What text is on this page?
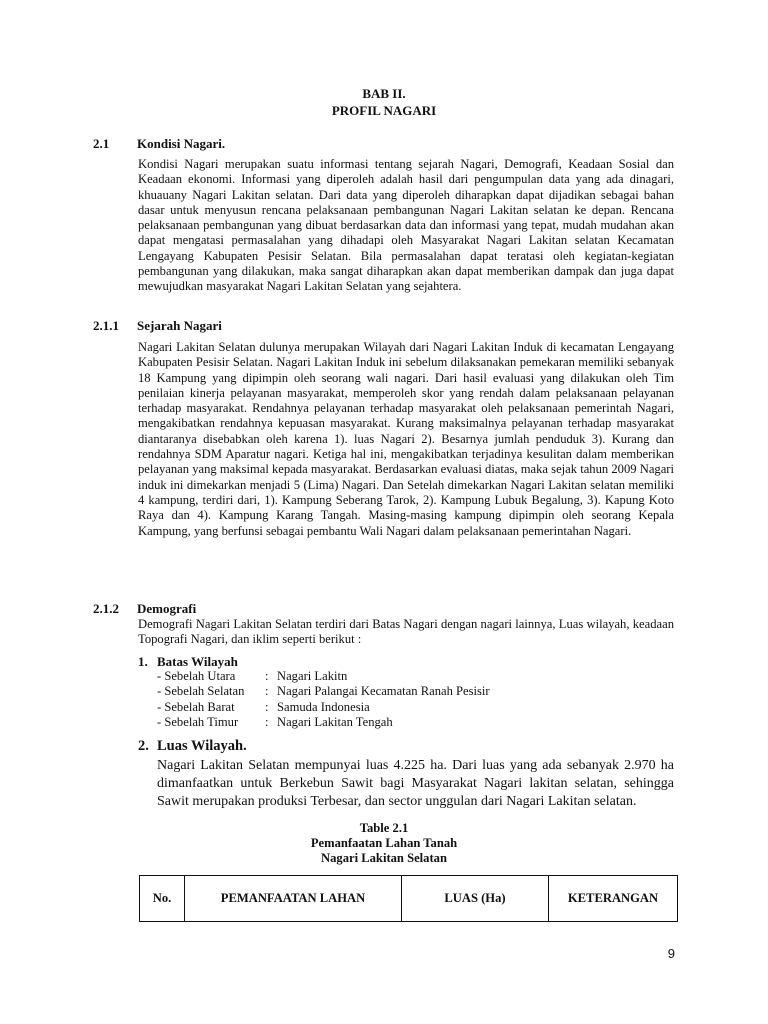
BAB II.
PROFIL NAGARI
2.1 Kondisi Nagari.

Kondisi Nagari merupakan suatu informasi tentang sejarah Nagari, Demografi, Keadaan Sosial dan Keadaan ekonomi. Informasi yang diperoleh adalah hasil dari pengumpulan data yang ada dinagari, khuauany Nagari Lakitan selatan. Dari data yang diperoleh diharapkan dapat dijadikan sebagai bahan dasar untuk menyusun rencana pelaksanaan pembangunan Nagari Lakitan selatan ke depan. Rencana pelaksanaan pembangunan yang dibuat berdasarkan data dan informasi yang tepat, mudah mudahan akan dapat mengatasi permasalahan yang dihadapi oleh Masyarakat Nagari Lakitan selatan Kecamatan Lengayang Kabupaten Pesisir Selatan. Bila permasalahan dapat teratasi oleh kegiatan-kegiatan pembangunan yang dilakukan, maka sangat diharapkan akan dapat memberikan dampak dan juga dapat mewujudkan masyarakat Nagari Lakitan Selatan yang sejahtera.

2.1.1 Sejarah Nagari

Nagari Lakitan Selatan dulunya merupakan Wilayah dari Nagari Lakitan Induk di kecamatan Lengayang Kabupaten Pesisir Selatan. Nagari Lakitan Induk ini sebelum dilaksanakan pemekaran memiliki sebanyak 18 Kampung yang dipimpin oleh seorang wali nagari. Dari hasil evaluasi yang dilakukan oleh Tim penilaian kinerja pelayanan masyarakat, memperoleh skor yang rendah dalam pelaksanaan pelayanan terhadap masyarakat. Rendahnya pelayanan terhadap masyarakat oleh pelaksanaan pemerintah Nagari, mengakibatkan rendahnya kepuasan masyarakat. Kurang maksimalnya pelayanan terhadap masyarakat diantaranya disebabkan oleh karena 1). luas Nagari 2). Besarnya jumlah penduduk 3). Kurang dan rendahnya SDM Aparatur nagari. Ketiga hal ini, mengakibatkan terjadinya kesulitan dalam memberikan pelayanan yang maksimal kepada masyarakat. Berdasarkan evaluasi diatas, maka sejak tahun 2009 Nagari induk ini dimekarkan menjadi 5 (Lima) Nagari. Dan Setelah dimekarkan Nagari Lakitan selatan memiliki 4 kampung, terdiri dari, 1). Kampung Seberang Tarok, 2). Kampung Lubuk Begalung, 3). Kapung Koto Raya dan 4). Kampung Karang Tangah. Masing-masing kampung dipimpin oleh seorang Kepala Kampung, yang berfunsi sebagai pembantu Wali Nagari dalam pelaksanaan pemerintahan Nagari.

2.1.2 Demografi

Demografi Nagari Lakitan Selatan terdiri dari Batas Nagari dengan nagari lainnya, Luas wilayah, keadaan Topografi Nagari, dan iklim seperti berikut :

1. Batas Wilayah
- Sebelah Utara : Nagari Lakitn
- Sebelah Selatan : Nagari Palangai Kecamatan Ranah Pesisir
- Sebelah Barat : Samuda Indonesia
- Sebelah Timur : Nagari Lakitan Tengah
2. Luas Wilayah.

Nagari Lakitan Selatan mempunyai luas 4.225 ha. Dari luas yang ada sebanyak 2.970 ha dimanfaatkan untuk Berkebun Sawit bagi Masyarakat Nagari lakitan selatan, sehingga Sawit merupakan produksi Terbesar, dan sector unggulan dari Nagari Lakitan selatan.

Table 2.1
Pemanfaatan Lahan Tanah
Nagari Lakitan Selatan
No.	PEMANFAATAN LAHAN	LUAS (Ha)	KETERANGAN
9
